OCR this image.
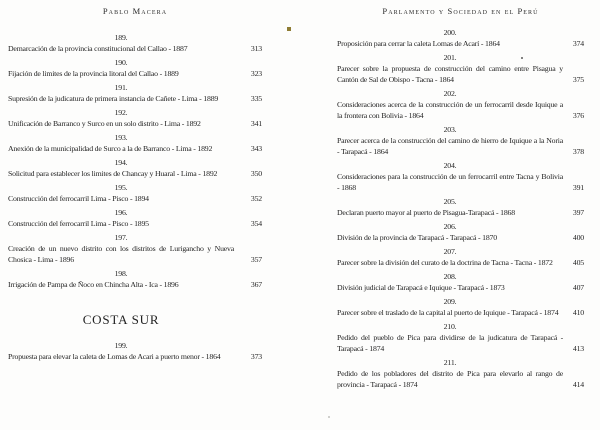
Pablo Macera
189.
Demarcación de la provincia constitucional del Callao - 1887	313
190.
Fijación de limites de la provincia litoral del Callao - 1889	323
191.
Supresión de la judicatura de primera instancia de Cañete - Lima - 1889	335
192.
Unificación de Barranco y Surco en un solo distrito - Lima - 1892	341
193.
Anexión de la municipalidad de Surco a la de Barranco - Lima - 1892	343
194.
Solicitud para establecer los limites de Chancay y Huaral - Lima - 1892	350
195.
Construcción del ferrocarril Lima - Pisco - 1894	352
196.
Construcción del ferrocarril Lima - Pisco - 1895	354
197.
Creación de un nuevo distrito con los distritos de Lurigancho y Nueva Chosica - Lima - 1896	357
198.
Irrigación de Pampa de Ñoco en Chincha Alta - Ica - 1896	367
COSTA SUR
199.
Propuesta para elevar la caleta de Lomas de Acari a puerto menor - 1864	373
Parlamento y Sociedad en el Perú
200.
Proposición para cerrar la caleta Lomas de Acarí - 1864	374
201.
Parecer sobre la propuesta de construcción del camino entre Pisagua y Cantón de Sal de Obispo - Tacna - 1864	375
202.
Consideraciones acerca de la construcción de un ferrocarril desde Iquique a la frontera con Bolivia - 1864	376
203.
Parecer acerca de la construcción del camino de hierro de Iquique a la Noria - Tarapacá - 1864	378
204.
Consideraciones para la construcción de un ferrocarril entre Tacna y Bolivia - 1868	391
205.
Declaran puerto mayor al puerto de Pisagua-Tarapacá - 1868	397
206.
División de la provincia de Tarapacá - Tarapacá - 1870	400
207.
Parecer sobre la división del curato de la doctrina de Tacna - Tacna - 1872	405
208.
División judicial de Tarapacá e Iquique - Tarapacá - 1873	407
209.
Parecer sobre el traslado de la capital al puerto de Iquique - Tarapacá - 1874	410
210.
Pedido del pueblo de Pica para dividirse de la judicatura de Tarapacá - Tarapacá - 1874	413
211.
Pedido de los pobladores del distrito de Pica para elevarlo al rango de provincia - Tarapacá - 1874	414
